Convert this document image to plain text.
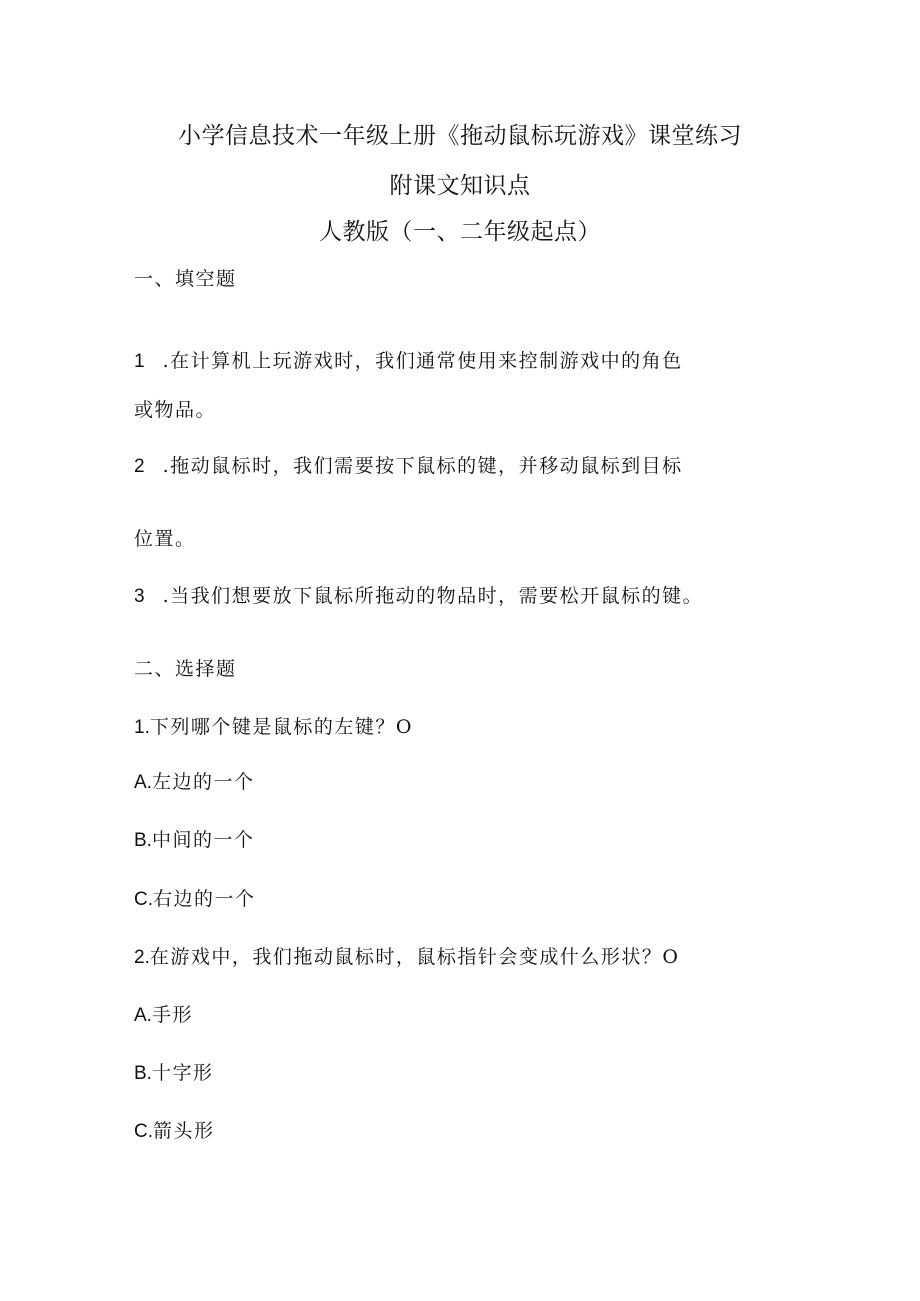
小学信息技术一年级上册《拖动鼠标玩游戏》课堂练习
附课文知识点
人教版（一、二年级起点）
一、填空题
1 .在计算机上玩游戏时，我们通常使用来控制游戏中的角色
或物品。
2 .拖动鼠标时，我们需要按下鼠标的键，并移动鼠标到目标
位置。
3 .当我们想要放下鼠标所拖动的物品时，需要松开鼠标的键。
二、选择题
1.下列哪个键是鼠标的左键？O
A.左边的一个
B.中间的一个
C.右边的一个
2.在游戏中，我们拖动鼠标时，鼠标指针会变成什么形状？O
A.手形
B.十字形
C.箭头形
